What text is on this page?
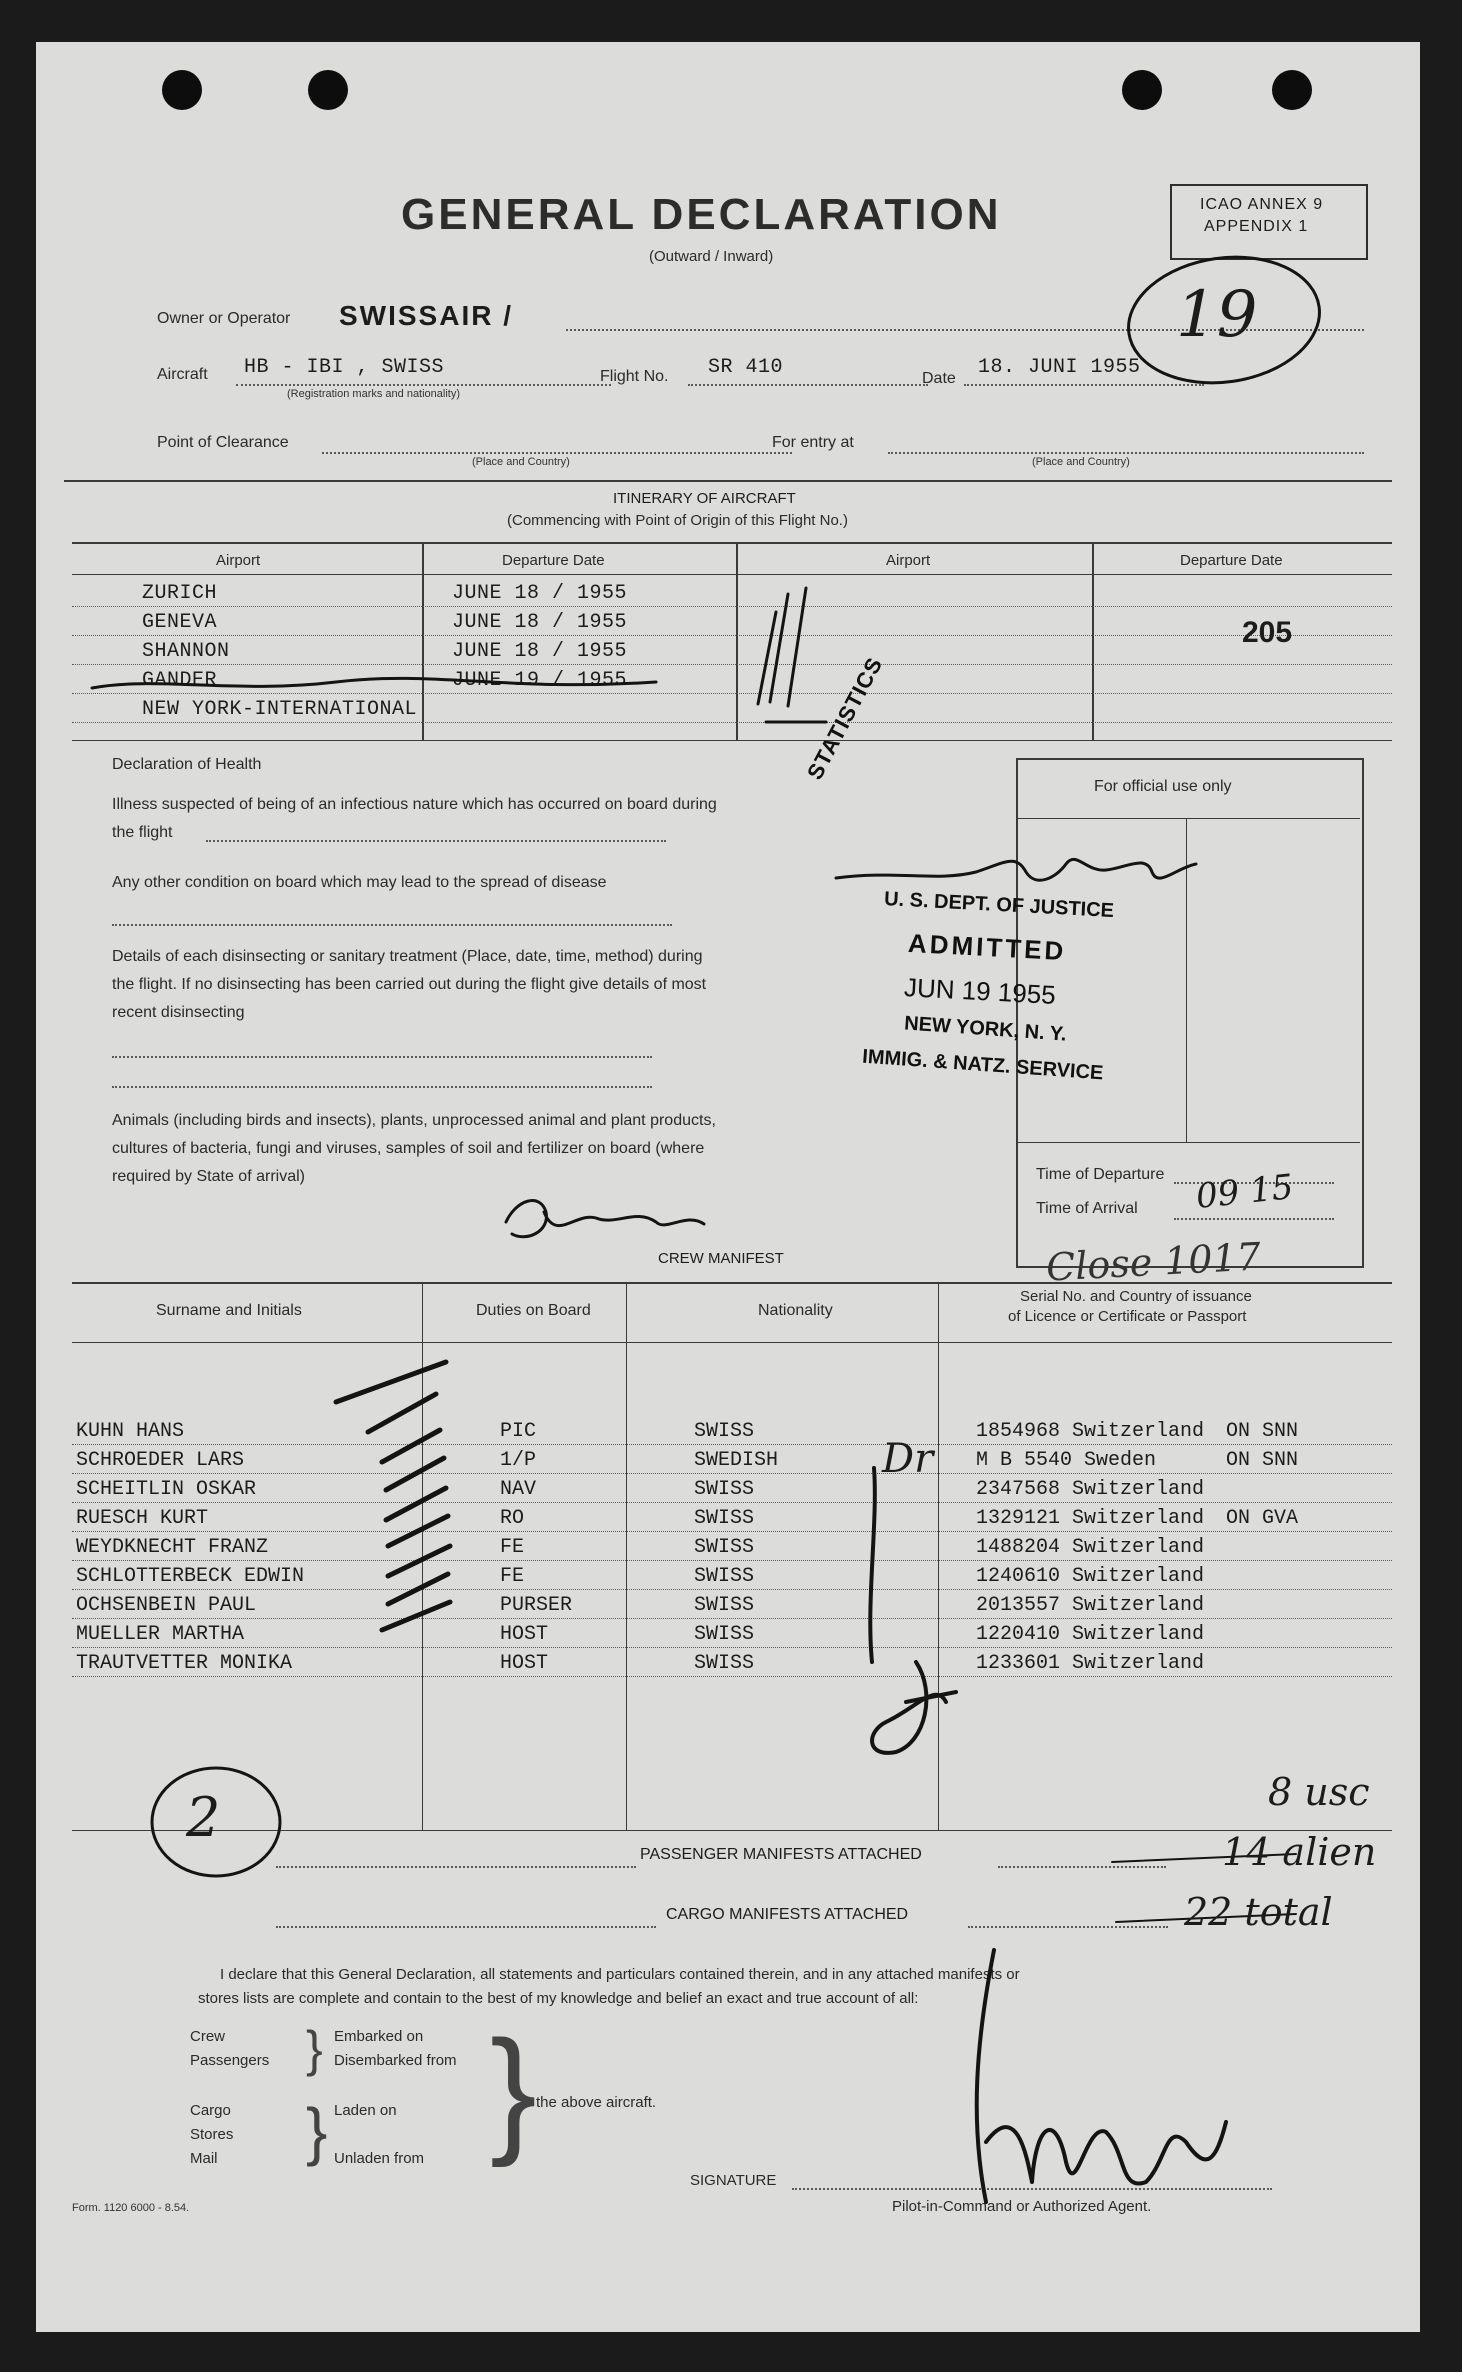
GENERAL DECLARATION
(Outward / Inward)
ICAO ANNEX 9
APPENDIX 1
Owner or Operator SWISSAIR /
Aircraft HB - IBI , SWISS
(Registration marks and nationality)
Flight No. SR 410	Date 18. JUNI 1955
Point of Clearance
(Place and Country)
For entry at
(Place and Country)
ITINERARY OF AIRCRAFT
(Commencing with Point of Origin of this Flight No.)
Airport	Departure Date	Airport	Departure Date
ZURICH	JUNE 18 / 1955
GENEVA	JUNE 18 / 1955
SHANNON	JUNE 18 / 1955
GANDER	JUNE 19 / 1955
NEW YORK-INTERNATIONAL
205
Declaration of Health
Illness suspected of being of an infectious nature which has occurred on board during
the flight
Any other condition on board which may lead to the spread of disease
Details of each disinsecting or sanitary treatment (Place, date, time, method) during
the flight. If no disinsecting has been carried out during the flight give details of most
recent disinsecting
Animals (including birds and insects), plants, unprocessed animal and plant products,
cultures of bacteria, fungi and viruses, samples of soil and fertilizer on board (where
required by State of arrival)
For official use only
Time of Departure
Time of Arrival 09 15
STATISTICS
U. S. DEPT. OF JUSTICE
ADMITTED
JUN 19 1955
NEW YORK, N. Y.
IMMIG. & NATZ. SERVICE
CREW MANIFEST
Surname and Initials	Duties on Board	Nationality
Serial No. and Country of issuance
of Licence or Certificate or Passport
KUHN HANS	PIC	SWISS	1854968 Switzerland ON SNN
SCHROEDER LARS	1/P	SWEDISH	M B 5540 Sweden	ON SNN
SCHEITLIN OSKAR	NAV	SWISS	2347568 Switzerland
RUESCH KURT	RO	SWISS	1329121 Switzerland ON GVA
WEYDKNECHT FRANZ	FE	SWISS	1488204 Switzerland
SCHLOTTERBECK EDWIN	FE	SWISS	1240610 Switzerland
OCHSENBEIN PAUL	PURSER	SWISS	2013557 Switzerland
MUELLER MARTHA	HOST	SWISS	1220410 Switzerland
TRAUTVETTER MONIKA	HOST	SWISS	1233601 Switzerland
PASSENGER MANIFESTS ATTACHED
CARGO MANIFESTS ATTACHED
I declare that this General Declaration, all statements and particulars contained therein, and in any attached manifests or
stores lists are complete and contain to the best of my knowledge and belief an exact and true account of all:
Crew
Passengers
Cargo
Stores
Mail
}
}
Embarked on
Disembarked from
Laden on
Unladen from } the above aircraft.
SIGNATURE
Pilot-in-Command or Authorized Agent.
Form. 1120 6000 - 8.54.
19
2
Close 1017
Dr
8 usc
14 alien
22 total
